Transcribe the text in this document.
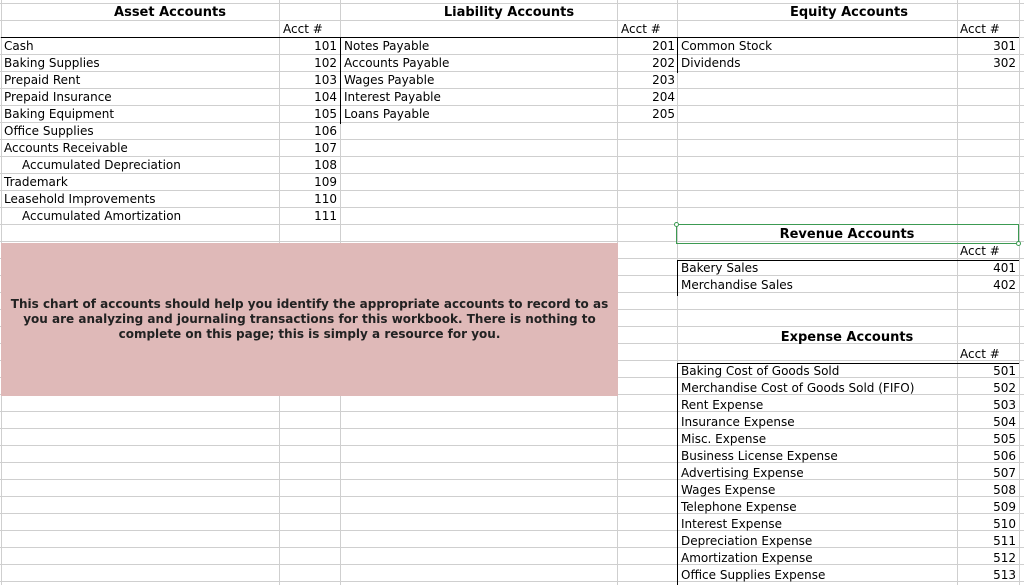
Asset Accounts
Acct #
Cash	101
Baking Supplies	102
Prepaid Rent	103
Prepaid Insurance	104
Baking Equipment	105
Office Supplies	106
Accounts Receivable	107
Accumulated Depreciation	108
Trademark	109
Leasehold Improvements	110
Accumulated Amortization	111
Liability Accounts
Acct #
Notes Payable	201
Accounts Payable	202
Wages Payable	203
Interest Payable	204
Loans Payable	205
Equity Accounts
Acct #
Common Stock	301
Dividends	302
Revenue Accounts
Acct #
Bakery Sales	401
Merchandise Sales	402
Expense Accounts
Acct #
Baking Cost of Goods Sold	501
Merchandise Cost of Goods Sold (FIFO)	502
Rent Expense	503
Insurance Expense	504
Misc. Expense	505
Business License Expense	506
Advertising Expense	507
Wages Expense	508
Telephone Expense	509
Interest Expense	510
Depreciation Expense	511
Amortization Expense	512
Office Supplies Expense	513
This chart of accounts should help you identify the appropriate accounts to record to as you are analyzing and journaling transactions for this workbook. There is nothing to complete on this page; this is simply a resource for you.
